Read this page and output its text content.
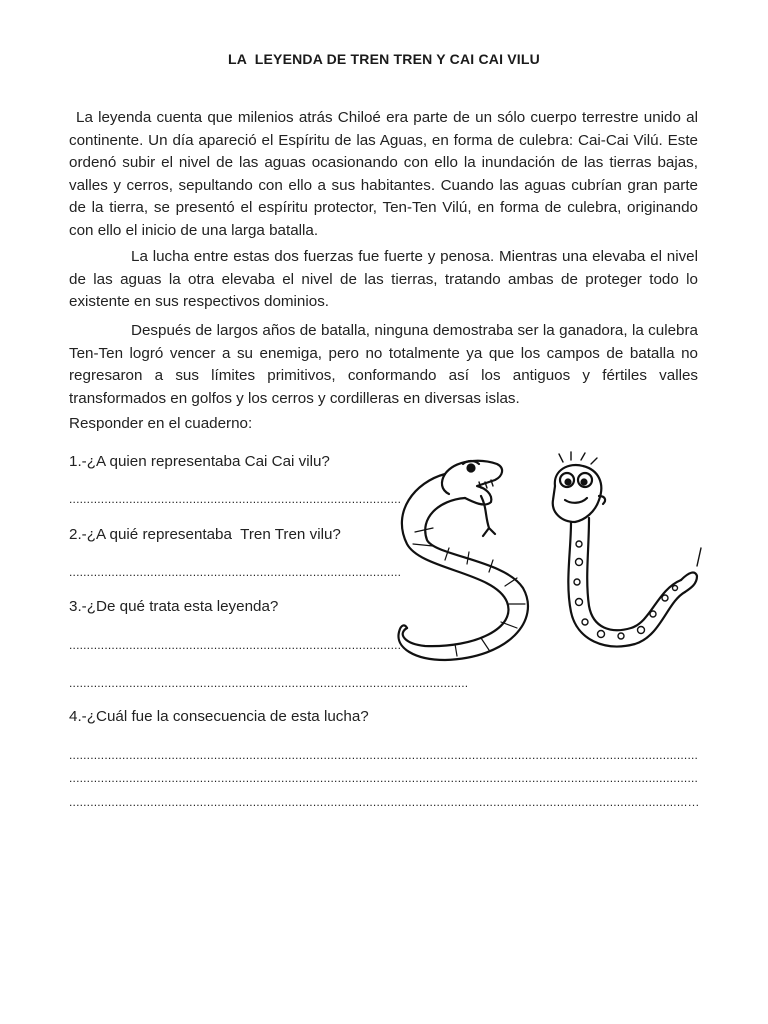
LA  LEYENDA DE TREN TREN Y CAI CAI VILU

La leyenda cuenta que milenios atrás Chiloé era parte de un sólo cuerpo terrestre unido al continente. Un día apareció el Espíritu de las Aguas, en forma de culebra: Cai-Cai Vilú. Este ordenó subir el nivel de las aguas ocasionando con ello la inundación de las tierras bajas, valles y cerros, sepultando con ello a sus habitantes. Cuando las aguas cubrían gran parte de la tierra, se presentó el espíritu protector, Ten-Ten Vilú, en forma de culebra, originando con ello el inicio de una larga batalla.

La lucha entre estas dos fuerzas fue fuerte y penosa. Mientras una elevaba el nivel de las aguas la otra elevaba el nivel de las tierras, tratando ambas de proteger todo lo existente en sus respectivos dominios.

Después de largos años de batalla, ninguna demostraba ser la ganadora, la culebra Ten-Ten logró vencer a su enemiga, pero no totalmente ya que los campos de batalla no regresaron a sus límites primitivos, conformando así los antiguos y fértiles valles transformados en golfos y los cerros y cordilleras en diversas islas.

Responder en el cuaderno:
1.-¿A quien representaba Cai Cai vilu?
..............................................................................................
2.-¿A quié representaba  Tren Tren vilu?
..............................................................................................
3.-¿De qué trata esta leyenda?
..............................................................................................
.................................................................................................................
4.-¿Cuál fue la consecuencia de esta lucha?
..................................................................................................................................................................................
..................................................................................................................................................................................
...............................................................................................................................................................................…
